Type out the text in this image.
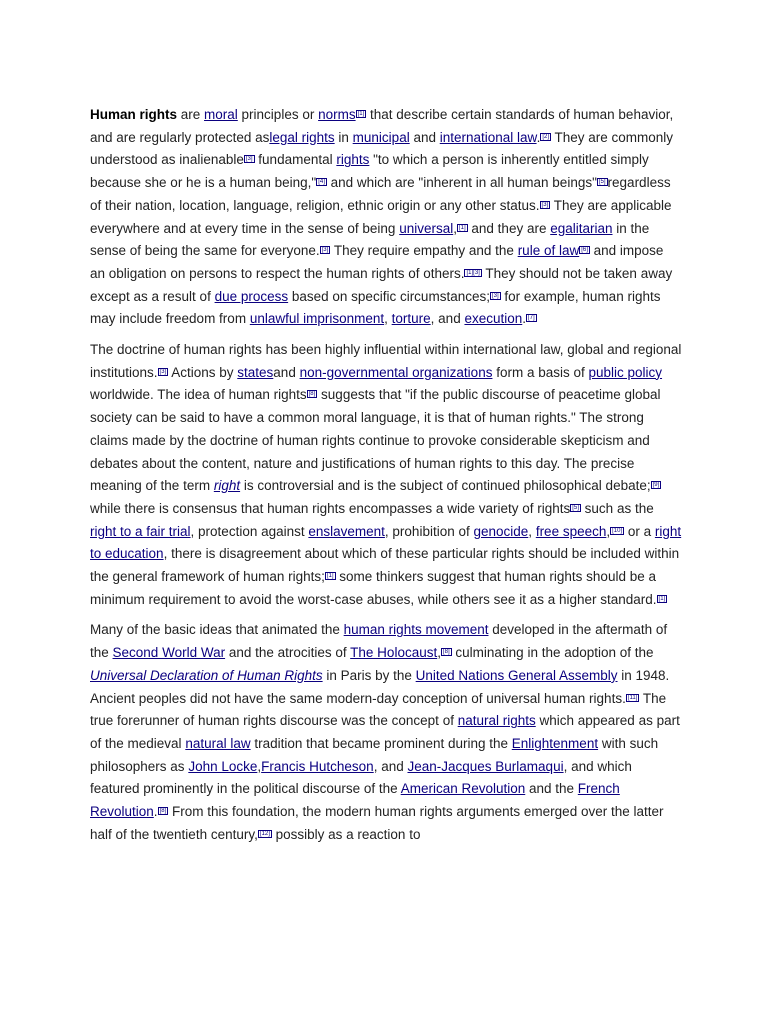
Human rights are moral principles or norms [1] that describe certain standards of human behavior, and are regularly protected aslegal rights in municipal and international law. [2] They are commonly understood as inalienable [3] fundamental rights "to which a person is inherently entitled simply because she or he is a human being," [4] and which are "inherent in all human beings" [5] regardless of their nation, location, language, religion, ethnic origin or any other status. [3] They are applicable everywhere and at every time in the sense of being universal, [1] and they are egalitarian in the sense of being the same for everyone. [3] They require empathy and the rule of law [6] and impose an obligation on persons to respect the human rights of others. [1][3] They should not be taken away except as a result of due process based on specific circumstances; [3] for example, human rights may include freedom from unlawful imprisonment, torture, and execution. [7]

The doctrine of human rights has been highly influential within international law, global and regional institutions. [3] Actions by statesand non-governmental organizations form a basis of public policy worldwide. The idea of human rights [8] suggests that "if the public discourse of peacetime global society can be said to have a common moral language, it is that of human rights." The strong claims made by the doctrine of human rights continue to provoke considerable skepticism and debates about the content, nature and justifications of human rights to this day. The precise meaning of the term right is controversial and is the subject of continued philosophical debate; [9] while there is consensus that human rights encompasses a wide variety of rights [5] such as the right to a fair trial, protection against enslavement, prohibition of genocide, free speech, [10] or a right to education, there is disagreement about which of these particular rights should be included within the general framework of human rights; [1] some thinkers suggest that human rights should be a minimum requirement to avoid the worst-case abuses, while others see it as a higher standard. [1]

Many of the basic ideas that animated the human rights movement developed in the aftermath of the Second World War and the atrocities of The Holocaust, [8] culminating in the adoption of the Universal Declaration of Human Rights in Paris by the United Nations General Assembly in 1948. Ancient peoples did not have the same modern-day conception of universal human rights. [11] The true forerunner of human rights discourse was the concept of natural rights which appeared as part of the medieval natural law tradition that became prominent during the Enlightenment with such philosophers as John Locke,Francis Hutcheson, and Jean-Jacques Burlamaqui, and which featured prominently in the political discourse of the American Revolution and the French Revolution. [8] From this foundation, the modern human rights arguments emerged over the latter half of the twentieth century, [12] possibly as a reaction to
